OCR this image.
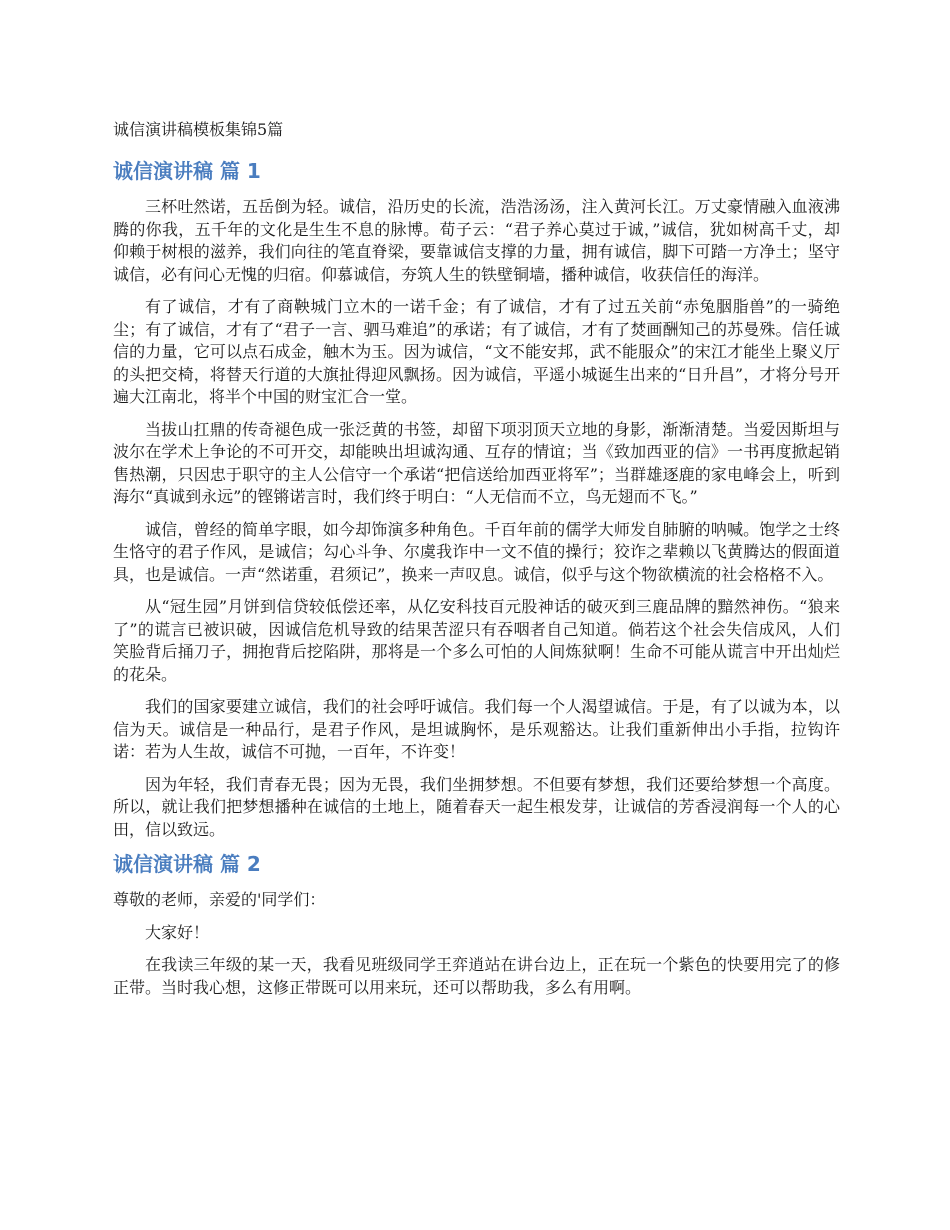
诚信演讲稿模板集锦5篇
诚信演讲稿 篇 1

三杯吐然诺，五岳倒为轻。诚信，沿历史的长流，浩浩汤汤，注入黄河长江。万丈豪情融入血液沸腾的你我，五千年的文化是生生不息的脉博。荀子云：“君子养心莫过于诚，”诚信，犹如树高千丈，却仰赖于树根的滋养，我们向往的笔直脊梁，要靠诚信支撑的力量，拥有诚信，脚下可踏一方净土；坚守诚信，必有问心无愧的归宿。仰慕诚信，夯筑人生的铁壁铜墙，播种诚信，收获信任的海洋。

有了诚信，才有了商鞅城门立木的一诺千金；有了诚信，才有了过五关前“赤兔胭脂兽”的一骑绝尘；有了诚信，才有了“君子一言、驷马难追”的承诺；有了诚信，才有了焚画酬知己的苏曼殊。信任诚信的力量，它可以点石成金，触木为玉。因为诚信，“文不能安邦，武不能服众”的宋江才能坐上聚义厅的头把交椅，将替天行道的大旗扯得迎风飘扬。因为诚信，平遥小城诞生出来的“日升昌”，才将分号开遍大江南北，将半个中国的财宝汇合一堂。

当拔山扛鼎的传奇褪色成一张泛黄的书签，却留下项羽顶天立地的身影，渐渐清楚。当爱因斯坦与波尔在学术上争论的不可开交，却能映出坦诚沟通、互存的情谊；当《致加西亚的信》一书再度掀起销售热潮，只因忠于职守的主人公信守一个承诺“把信送给加西亚将军”；当群雄逐鹿的家电峰会上，听到海尔“真诚到永远”的铿锵诺言时，我们终于明白：“人无信而不立，鸟无翅而不飞。”

诚信，曾经的简单字眼，如今却饰演多种角色。千百年前的儒学大师发自肺腑的呐喊。饱学之士终生恪守的君子作风，是诚信；勾心斗争、尔虞我诈中一文不值的操行；狡诈之辈赖以飞黄腾达的假面道具，也是诚信。一声“然诺重，君须记”，换来一声叹息。诚信，似乎与这个物欲横流的社会格格不入。

从“冠生园”月饼到信贷较低偿还率，从亿安科技百元股神话的破灭到三鹿品牌的黯然神伤。“狼来了”的谎言已被识破，因诚信危机导致的结果苦涩只有吞咽者自己知道。倘若这个社会失信成风，人们笑脸背后捅刀子，拥抱背后挖陷阱，那将是一个多么可怕的人间炼狱啊！生命不可能从谎言中开出灿烂的花朵。

我们的国家要建立诚信，我们的社会呼吁诚信。我们每一个人渴望诚信。于是，有了以诚为本，以信为天。诚信是一种品行，是君子作风，是坦诚胸怀，是乐观豁达。让我们重新伸出小手指，拉钩许诺：若为人生故，诚信不可抛，一百年，不许变！

因为年轻，我们青春无畏；因为无畏，我们坐拥梦想。不但要有梦想，我们还要给梦想一个高度。所以，就让我们把梦想播种在诚信的土地上，随着春天一起生根发芽，让诚信的芳香浸润每一个人的心田，信以致远。

诚信演讲稿 篇 2

尊敬的老师，亲爱的'同学们：

大家好！

在我读三年级的某一天，我看见班级同学王弈逍站在讲台边上，正在玩一个紫色的快要用完了的修正带。当时我心想，这修正带既可以用来玩，还可以帮助我，多么有用啊。
